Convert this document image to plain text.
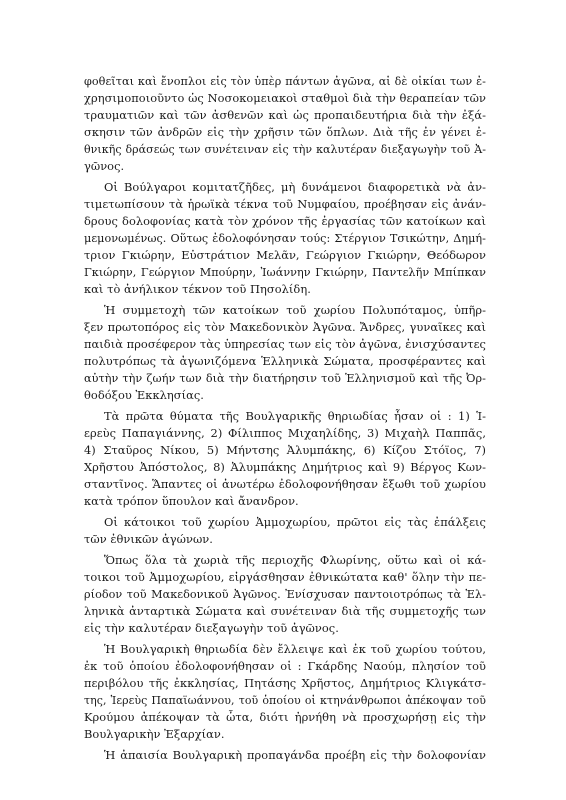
φοθεῖται καὶ ἔνοπλοι εἰς τὸν ὑπὲρ πάντων ἀγῶνα, αἱ δὲ οἰκίαι των ἐ-
χρησιμοποιοῦντο ὡς Νοσοκομειακοὶ σταθμοὶ διὰ τὴν θεραπείαν τῶν
τραυματιῶν καὶ τῶν ἀσθενῶν καὶ ὡς προπαιδευτήρια διὰ τὴν ἐξά-
σκησιν τῶν ἀνδρῶν εἰς τὴν χρῆσιν τῶν ὅπλων. Διὰ τῆς ἐν γένει ἐ-
θνικῆς δράσεώς των συνέτειναν εἰς τὴν καλυτέραν διεξαγωγὴν τοῦ Ἀ-
γῶνος.
Οἱ Βούλγαροι κομιτατζῆδες, μὴ δυνάμενοι διαφορετικὰ νὰ ἀν-
τιμετωπίσουν τὰ ἡρωϊκὰ τέκνα τοῦ Νυμφαίου, προέβησαν εἰς ἀνάν-
δρους δολοφονίας κατὰ τὸν χρόνον τῆς ἐργασίας τῶν κατοίκων καὶ
μεμονωμένως. Οὕτως ἐδολοφόνησαν τούς: Στέργιον Τσικώτην, Δημή-
τριον Γκιώρην, Εὐστράτιον Μελᾶν, Γεώργιον Γκιώρην, Θεόδωρον
Γκιώρην, Γεώργιον Μπούρην, Ἰωάννην Γκιώρην, Παντελῆν Μπίπκαν
καὶ τὸ ἀνήλικον τέκνον τοῦ Πησολίδη.
Ἡ συμμετοχὴ τῶν κατοίκων τοῦ χωρίου Πολυπόταμος, ὑπῆρ-
ξεν πρωτοπόρος εἰς τὸν Μακεδονικὸν Ἀγῶνα. Ἄνδρες, γυναῖκες καὶ
παιδιὰ προσέφερον τὰς ὑπηρεσίας των εἰς τὸν ἀγῶνα, ἐνισχύσαντες
πολυτρόπως τὰ ἀγωνιζόμενα Ἑλληνικὰ Σώματα, προσφέραντες καὶ
αὐτὴν τὴν ζωήν των διὰ τὴν διατήρησιν τοῦ Ἑλληνισμοῦ καὶ τῆς Ὀρ-
θοδόξου Ἐκκλησίας.
Τὰ πρῶτα θύματα τῆς Βουλγαρικῆς θηριωδίας ἦσαν οἱ : 1) Ἱ-
ερεὺς Παπαγιάννης, 2) Φίλιππος Μιχαηλίδης, 3) Μιχαὴλ Παππᾶς,
4) Σταῦρος Νίκου, 5) Μήντσης Ἀλυμπάκης, 6) Κίζου Στόϊος, 7)
Χρῆστου Ἀπόστολος, 8) Ἀλυμπάκης Δημήτριος καὶ 9) Βέργος Κων-
σταντῖνος. Ἅπαντες οἱ ἀνωτέρω ἐδολοφονήθησαν ἔξωθι τοῦ χωρίου
κατὰ τρόπον ὕπουλον καὶ ἄνανδρον.
Οἱ κάτοικοι τοῦ χωρίου Ἀμμοχωρίου, πρῶτοι εἰς τὰς ἐπάλξεις
τῶν ἐθνικῶν ἀγώνων.
Ὅπως ὅλα τὰ χωριὰ τῆς περιοχῆς Φλωρίνης, οὕτω καὶ οἱ κά-
τοικοι τοῦ Ἀμμοχωρίου, εἰργάσθησαν ἐθνικώτατα καθ' ὅλην τὴν πε-
ρίοδον τοῦ Μακεδονικοῦ Ἀγῶνος. Ἐνίσχυσαν παντοιοτρόπως τὰ Ἑλ-
ληνικὰ ἀνταρτικὰ Σώματα καὶ συνέτειναν διὰ τῆς συμμετοχῆς των
εἰς τὴν καλυτέραν διεξαγωγὴν τοῦ ἀγῶνος.
Ἡ Βουλγαρικὴ θηριωδία δὲν ἔλλειψε καὶ ἐκ τοῦ χωρίου τούτου,
ἐκ τοῦ ὁποίου ἐδολοφονήθησαν οἱ : Γκάρδης Ναούμ, πλησίον τοῦ
περιβόλου τῆς ἐκκλησίας, Πητάσης Χρῆστος, Δημήτριος Κλιγκάτσ-
της, Ἱερεὺς Παπαϊωάννου, τοῦ ὁποίου οἱ κτηνάνθρωποι ἀπέκοψαν τοῦ
Κρούμου ἀπέκοψαν τὰ ὦτα, διότι ἠρνήθη νὰ προσχωρήσῃ εἰς τὴν
Βουλγαρικὴν Ἐξαρχίαν.
Ἡ ἀπαισία Βουλγαρικὴ προπαγάνδα προέβη εἰς τὴν δολοφονίαν
